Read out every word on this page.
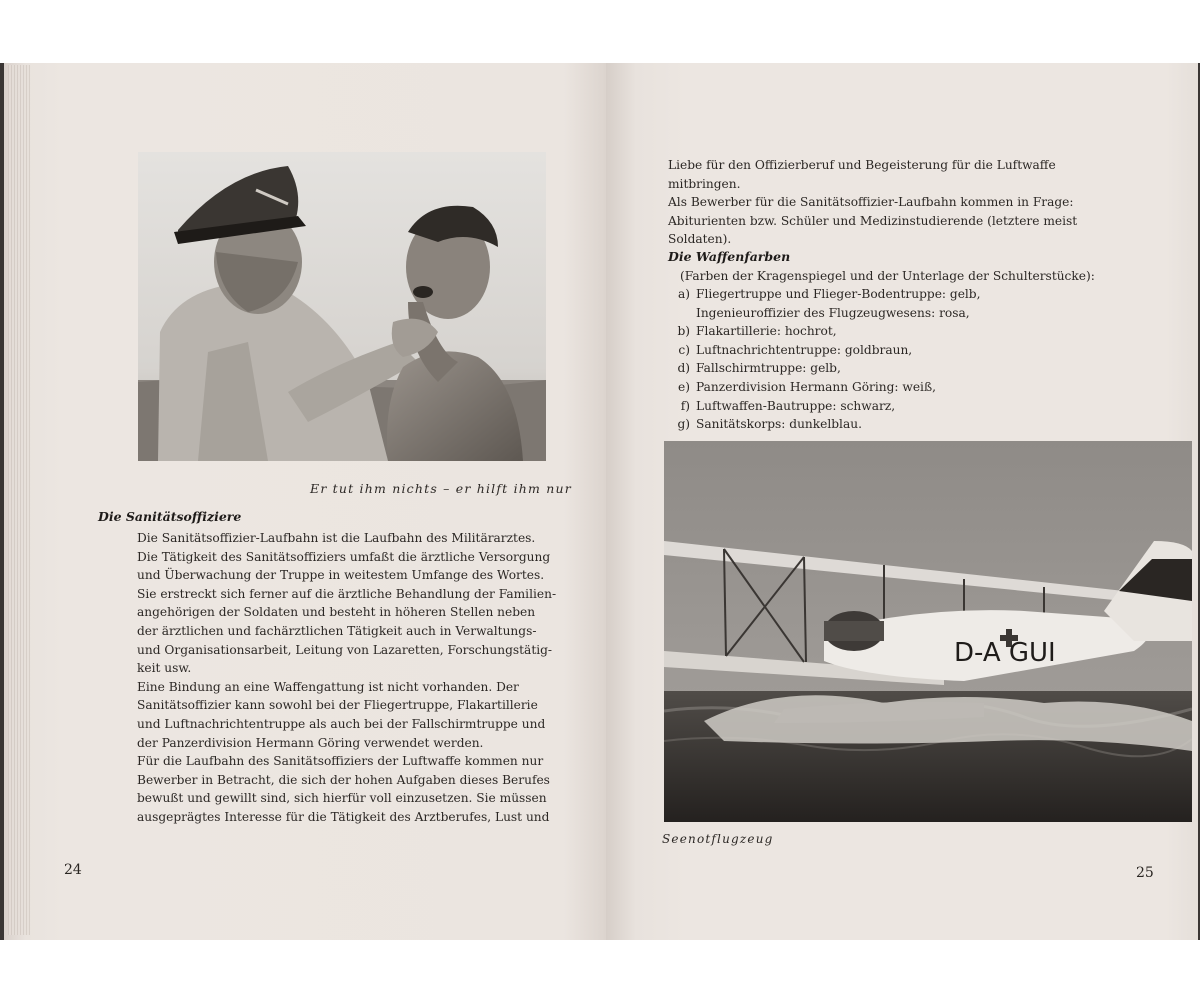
Er tut ihm nichts – er hilft ihm nur
Die Sanitätsoffiziere
Die Sanitätsoffizier-Laufbahn ist die Laufbahn des Militärarztes.
Die Tätigkeit des Sanitätsoffiziers umfaßt die ärztliche Versorgung
und Überwachung der Truppe in weitestem Umfange des Wortes.
Sie erstreckt sich ferner auf die ärztliche Behandlung der Familien-
angehörigen der Soldaten und besteht in höheren Stellen neben
der ärztlichen und fachärztlichen Tätigkeit auch in Verwaltungs-
und Organisationsarbeit, Leitung von Lazaretten, Forschungstätig-
keit usw.
Eine Bindung an eine Waffengattung ist nicht vorhanden. Der
Sanitätsoffizier kann sowohl bei der Fliegertruppe, Flakartillerie
und Luftnachrichtentruppe als auch bei der Fallschirmtruppe und
der Panzerdivision Hermann Göring verwendet werden.
Für die Laufbahn des Sanitätsoffiziers der Luftwaffe kommen nur
Bewerber in Betracht, die sich der hohen Aufgaben dieses Berufes
bewußt und gewillt sind, sich hierfür voll einzusetzen. Sie müssen
ausgeprägtes Interesse für die Tätigkeit des Arztberufes, Lust und
24
Liebe für den Offizierberuf und Begeisterung für die Luftwaffe
mitbringen.
Als Bewerber für die Sanitätsoffizier-Laufbahn kommen in Frage:
Abiturienten bzw. Schüler und Medizinstudierende (letztere meist
Soldaten).
Die Waffenfarben
(Farben der Kragenspiegel und der Unterlage der Schulterstücke):
a) Fliegertruppe und Flieger-Bodentruppe: gelb,
Ingenieuroffizier des Flugzeugwesens: rosa,
b) Flakartillerie: hochrot,
c) Luftnachrichtentruppe: goldbraun,
d) Fallschirmtruppe: gelb,
e) Panzerdivision Hermann Göring: weiß,
f) Luftwaffen-Bautruppe: schwarz,
g) Sanitätskorps: dunkelblau.
D-A GUI
Seenotflugzeug
25
